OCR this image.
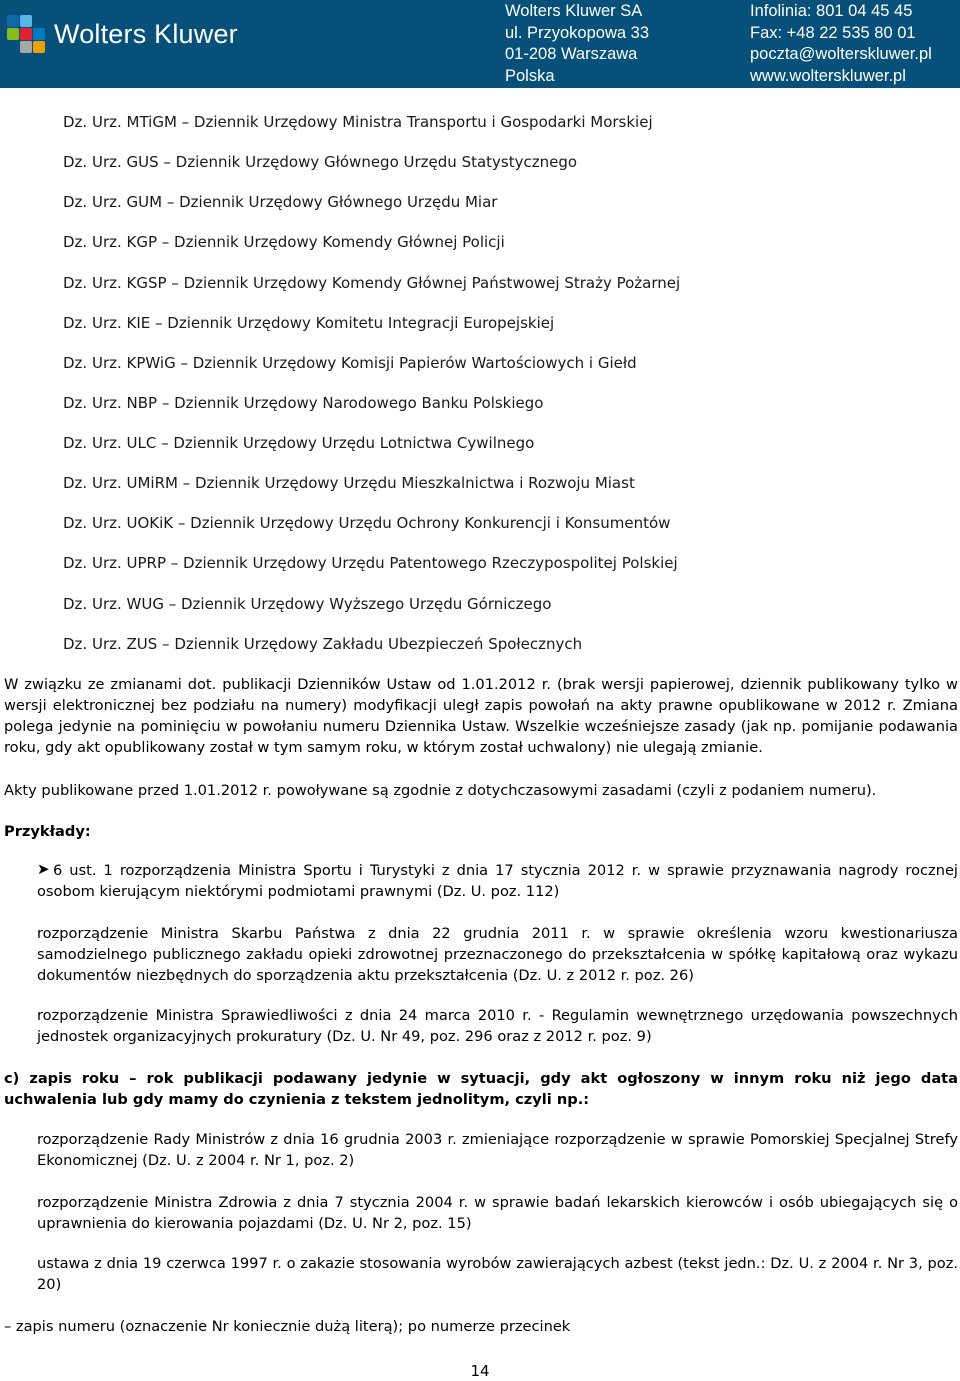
Wolters Kluwer
Wolters Kluwer SA
ul. Przyokopowa 33
01-208 Warszawa
Polska
Infolinia: 801 04 45 45
Fax: +48 22 535 80 01
poczta@wolterskluwer.pl
www.wolterskluwer.pl
Dz. Urz. MTiGM – Dziennik Urzędowy Ministra Transportu i Gospodarki Morskiej
Dz. Urz. GUS – Dziennik Urzędowy Głównego Urzędu Statystycznego
Dz. Urz. GUM – Dziennik Urzędowy Głównego Urzędu Miar
Dz. Urz. KGP – Dziennik Urzędowy Komendy Głównej Policji
Dz. Urz. KGSP – Dziennik Urzędowy Komendy Głównej Państwowej Straży Pożarnej
Dz. Urz. KIE – Dziennik Urzędowy Komitetu Integracji Europejskiej
Dz. Urz. KPWiG – Dziennik Urzędowy Komisji Papierów Wartościowych i Giełd
Dz. Urz. NBP – Dziennik Urzędowy Narodowego Banku Polskiego
Dz. Urz. ULC – Dziennik Urzędowy Urzędu Lotnictwa Cywilnego
Dz. Urz. UMiRM – Dziennik Urzędowy Urzędu Mieszkalnictwa i Rozwoju Miast
Dz. Urz. UOKiK – Dziennik Urzędowy Urzędu Ochrony Konkurencji i Konsumentów
Dz. Urz. UPRP – Dziennik Urzędowy Urzędu Patentowego Rzeczypospolitej Polskiej
Dz. Urz. WUG – Dziennik Urzędowy Wyższego Urzędu Górniczego
Dz. Urz. ZUS – Dziennik Urzędowy Zakładu Ubezpieczeń Społecznych
W związku ze zmianami dot. publikacji Dzienników Ustaw od 1.01.2012 r. (brak wersji papierowej, dziennik publikowany tylko w wersji elektronicznej bez podziału na numery) modyfikacji uległ zapis powołań na akty prawne opublikowane w 2012 r. Zmiana polega jedynie na pominięciu w powołaniu numeru Dziennika Ustaw. Wszelkie wcześniejsze zasady (jak np. pomijanie podawania roku, gdy akt opublikowany został w tym samym roku, w którym został uchwalony) nie ulegają zmianie.
Akty publikowane przed 1.01.2012 r. powoływane są zgodnie z dotychczasowymi zasadami (czyli z podaniem numeru).
Przykłady:
➤ 6 ust. 1 rozporządzenia Ministra Sportu i Turystyki z dnia 17 stycznia 2012 r. w sprawie przyznawania nagrody rocznej osobom kierującym niektórymi podmiotami prawnymi (Dz. U. poz. 112)
rozporządzenie Ministra Skarbu Państwa z dnia 22 grudnia 2011 r. w sprawie określenia wzoru kwestionariusza samodzielnego publicznego zakładu opieki zdrowotnej przeznaczonego do przekształcenia w spółkę kapitałową oraz wykazu dokumentów niezbędnych do sporządzenia aktu przekształcenia (Dz. U. z 2012 r. poz. 26)
rozporządzenie Ministra Sprawiedliwości z dnia 24 marca 2010 r. - Regulamin wewnętrznego urzędowania powszechnych jednostek organizacyjnych prokuratury (Dz. U. Nr 49, poz. 296 oraz z 2012 r. poz. 9)
c) zapis roku – rok publikacji podawany jedynie w sytuacji, gdy akt ogłoszony w innym roku niż jego data uchwalenia lub gdy mamy do czynienia z tekstem jednolitym, czyli np.:
rozporządzenie Rady Ministrów z dnia 16 grudnia 2003 r. zmieniające rozporządzenie w sprawie Pomorskiej Specjalnej Strefy Ekonomicznej (Dz. U. z 2004 r. Nr 1, poz. 2)
rozporządzenie Ministra Zdrowia z dnia 7 stycznia 2004 r. w sprawie badań lekarskich kierowców i osób ubiegających się o uprawnienia do kierowania pojazdami (Dz. U. Nr 2, poz. 15)
ustawa z dnia 19 czerwca 1997 r. o zakazie stosowania wyrobów zawierających azbest (tekst jedn.: Dz. U. z 2004 r. Nr 3, poz. 20)
– zapis numeru (oznaczenie Nr koniecznie dużą literą); po numerze przecinek
14
